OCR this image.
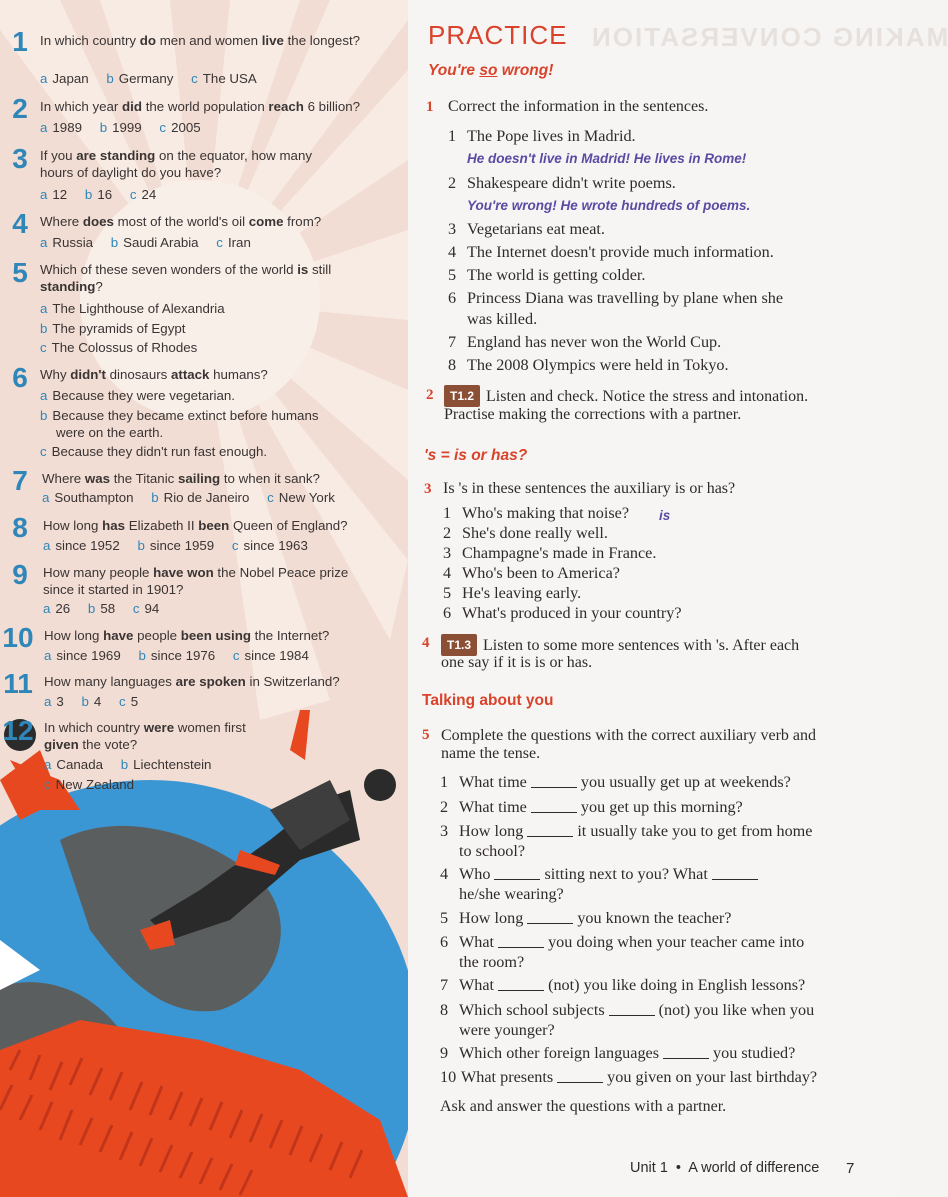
1 In which country do men and women live the longest?
a Japan b Germany c The USA
2 In which year did the world population reach 6 billion?
a 1989 b 1999 c 2005
3 If you are standing on the equator, how many hours of daylight do you have?
a 12 b 16 c 24
4 Where does most of the world's oil come from?
a Russia b Saudi Arabia c Iran
5 Which of these seven wonders of the world is still standing?
a The Lighthouse of Alexandria
b The pyramids of Egypt
c The Colossus of Rhodes
6 Why didn't dinosaurs attack humans?
a Because they were vegetarian.
b Because they became extinct before humans
were on the earth.
c Because they didn't run fast enough.
7	Where was the Titanic sailing to when it sank?
a Southampton b Rio de Janeiro c New York
8	How long has Elizabeth II been Queen of England?
a since 1952 b since 1959 c since 1963
9	How many people have won the Nobel Peace prize since it started in 1901?
a 26 b 58 c 94
10 How long have people been using the Internet?
a since 1969 b since 1976 c since 1984
11 How many languages are spoken in Switzerland?
a 3 b 4 c 5
12 In which country were women first given the vote?
a Canada b Liechtenstein
c New Zealand
MAKING CONVERSATION
PRACTICE
You're so wrong!
1 Correct the information in the sentences.
1 The Pope lives in Madrid.
He doesn't live in Madrid! He lives in Rome!
2 Shakespeare didn't write poems.
You're wrong! He wrote hundreds of poems.
3 Vegetarians eat meat.
4 The Internet doesn't provide much information.
5 The world is getting colder.
6 Princess Diana was travelling by plane when she
was killed.
7 England has never won the World Cup.
8 The 2008 Olympics were held in Tokyo.
2	T1.2 Listen and check. Notice the stress and intonation.
Practise making the corrections with a partner.
's = is or has?
3 Is 's in these sentences the auxiliary is or has?
1 Who's making that noise? is
2 She's done really well.
3 Champagne's made in France.
4 Who's been to America?
5 He's leaving early.
6 What's produced in your country?
4	T1.3 Listen to some more sentences with 's. After each
one say if it is is or has.
Talking about you
5 Complete the questions with the correct auxiliary verb and
name the tense.
1 What time	you usually get up at weekends?
2 What time	you get up this morning?
3 How long	it usually take you to get from home
to school?
4 Who	sitting next to you? What
he/she wearing?
5 How long	you known the teacher?
6 What	you doing when your teacher came into
the room?
7 What	(not) you like doing in English lessons?
8 Which school subjects	(not) you like when you
were younger?
9 Which other foreign languages	you studied?
10 What presents	you given on your last birthday?
Ask and answer the questions with a partner.
Unit 1 • A world of difference 7
